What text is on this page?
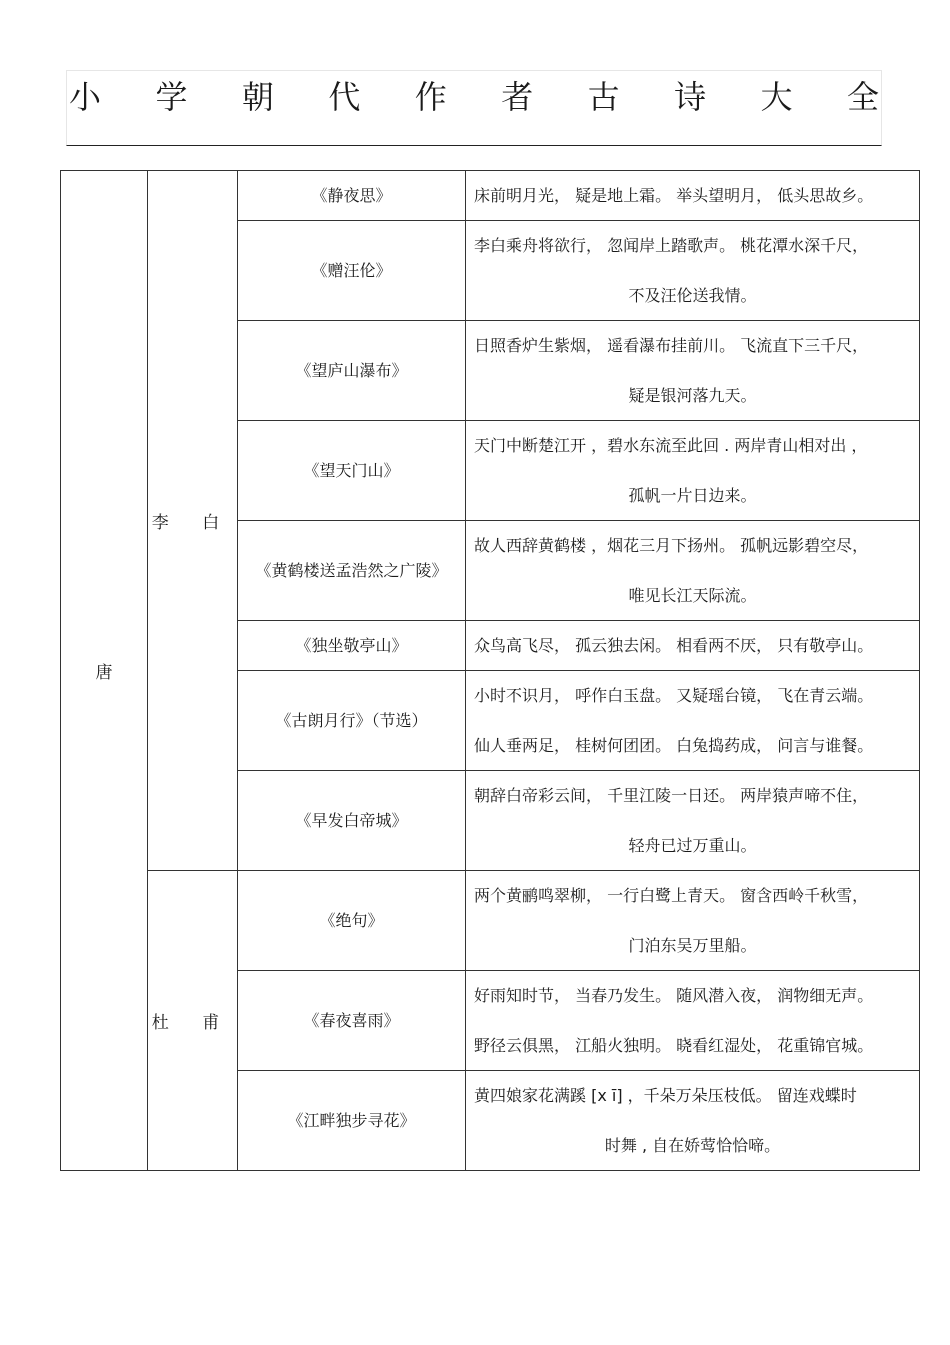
小 学 朝 代 作 者 古 诗 大 全
唐	李 白	《静夜思》	床前明月光， 疑是地上霜。 举头望明月， 低头思故乡。

		《赠汪伦》	李白乘舟将欲行， 忽闻岸上踏歌声。 桃花潭水深千尺，
不及汪伦送我情。

		《望庐山瀑布》	日照香炉生紫烟， 遥看瀑布挂前川。 飞流直下三千尺，
疑是银河落九天。

		《望天门山》	天门中断楚江开 ，碧水东流至此回 . 两岸青山相对出 ，
孤帆一片日边来。

		《黄鹤楼送孟浩然之广陵》	故人西辞黄鹤楼 ，烟花三月下扬州。 孤帆远影碧空尽，
唯见长江天际流。

		《独坐敬亭山》	众鸟高飞尽， 孤云独去闲。 相看两不厌， 只有敬亭山。

		《古朗月行》（节选）	小时不识月， 呼作白玉盘。 又疑瑶台镜， 飞在青云端。
仙人垂两足， 桂树何团团。 白兔捣药成， 问言与谁餐。

		《早发白帝城》	朝辞白帝彩云间， 千里江陵一日还。 两岸猿声啼不住，
轻舟已过万重山。

	杜 甫	《绝句》	两个黄鹂鸣翠柳， 一行白鹭上青天。 窗含西岭千秋雪，
门泊东吴万里船。

		《春夜喜雨》	好雨知时节， 当春乃发生。 随风潜入夜， 润物细无声。
野径云俱黑， 江船火独明。 晓看红湿处， 花重锦官城。

		《江畔独步寻花》	黄四娘家花满蹊 [x ī] ，千朵万朵压枝低。 留连戏蝶时
时舞 , 自在娇莺恰恰啼。
